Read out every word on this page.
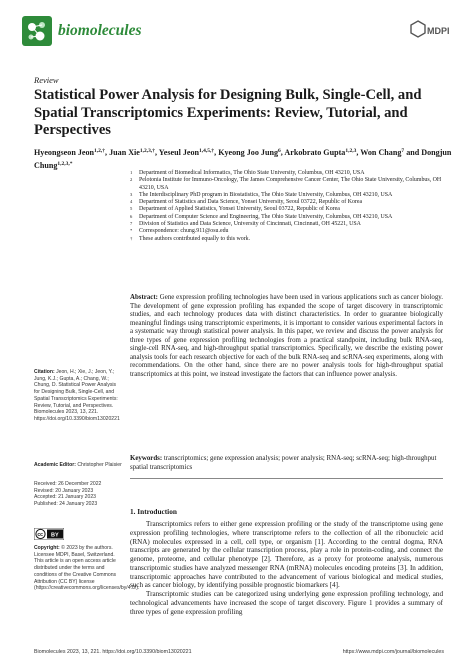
biomolecules	MDPI
Review
Statistical Power Analysis for Designing Bulk, Single-Cell, and Spatial Transcriptomics Experiments: Review, Tutorial, and Perspectives
Hyeongseon Jeon$^{1,2,\dagger}$, Juan Xie$^{1,2,3,\dagger}$, Yeseul Jeon$^{1,4,5,\dagger}$, Kyeong Joo Jung$^6$, Arkobrato Gupta$^{1,2,3}$, Won Chang$^7$ and Dongjun Chung$^{1,2,3,*}$
1 Department of Biomedical Informatics, The Ohio State University, Columbus, OH 43210, USA
2 Pelotonia Institute for Immuno-Oncology, The James Comprehensive Cancer Center, The Ohio State University, Columbus, OH 43210, USA
3 The Interdisciplinary PhD program in Biostatistics, The Ohio State University, Columbus, OH 43210, USA
4 Department of Statistics and Data Science, Yonsei University, Seoul 03722, Republic of Korea
5 Department of Applied Statistics, Yonsei University, Seoul 03722, Republic of Korea
6 Department of Computer Science and Engineering, The Ohio State University, Columbus, OH 43210, USA
7 Division of Statistics and Data Science, University of Cincinnati, Cincinnati, OH 45221, USA
* Correspondence: chung.911@osu.edu
† These authors contributed equally to this work.
Abstract: Gene expression profiling technologies have been used in various applications such as cancer biology. The development of gene expression profiling has expanded the scope of target discovery in transcriptomic studies, and each technology produces data with distinct characteristics. In order to guarantee biologically meaningful findings using transcriptomic experiments, it is important to consider various experimental factors in a systematic way through statistical power analysis. In this paper, we review and discuss the power analysis for three types of gene expression profiling technologies from a practical standpoint, including bulk RNA-seq, single-cell RNA-seq, and high-throughput spatial transcriptomics. Specifically, we describe the existing power analysis tools for each research objective for each of the bulk RNA-seq and scRNA-seq experiments, along with recommendations. On the other hand, since there are no power analysis tools for high-throughput spatial transcriptomics at this point, we instead investigate the factors that can influence power analysis.
Keywords: transcriptomics; gene expression analysis; power analysis; RNA-seq; scRNA-seq; high-throughput spatial transcriptomics
Citation: Jeon, H.; Xie, J.; Jeon, Y.; Jung, K.J.; Gupta, A.; Chang, W.; Chung, D. Statistical Power Analysis for Designing Bulk, Single-Cell, and Spatial Transcriptomics Experiments: Review, Tutorial, and Perspectives. Biomolecules 2023, 13, 221. https://doi.org/10.3390/biom13020221
Academic Editor: Christopher Plaisier
Received: 26 December 2022
Revised: 20 January 2023
Accepted: 21 January 2023
Published: 24 January 2023
cc BY
Copyright: © 2023 by the authors. Licensee MDPI, Basel, Switzerland. This article is an open access article distributed under the terms and conditions of the Creative Commons Attribution (CC BY) license (https://creativecommons.org/licenses/by/4.0/).
1. Introduction

Transcriptomics refers to either gene expression profiling or the study of the transcriptome using gene expression profiling technologies, where transcriptome refers to the collection of all the ribonucleic acid (RNA) molecules expressed in a cell, cell type, or organism [1]. According to the central dogma, RNA transcripts are generated by the cellular transcription process, play a role in protein-coding, and connect the genome, proteome, and cellular phenotype [2]. Therefore, as a proxy for proteome analysis, numerous transcriptomic studies have analyzed messenger RNA (mRNA) molecules encoding proteins [3]. In addition, transcriptomic approaches have contributed to the advancement of various biological and medical studies, such as cancer biology, by identifying possible prognostic biomarkers [4].

Transcriptomic studies can be categorized using underlying gene expression profiling technology, and technological advancements have increased the scope of target discovery. Figure 1 provides a summary of three types of gene expression profiling

Biomolecules 2023, 13, 221. https://doi.org/10.3390/biom13020221	https://www.mdpi.com/journal/biomolecules
